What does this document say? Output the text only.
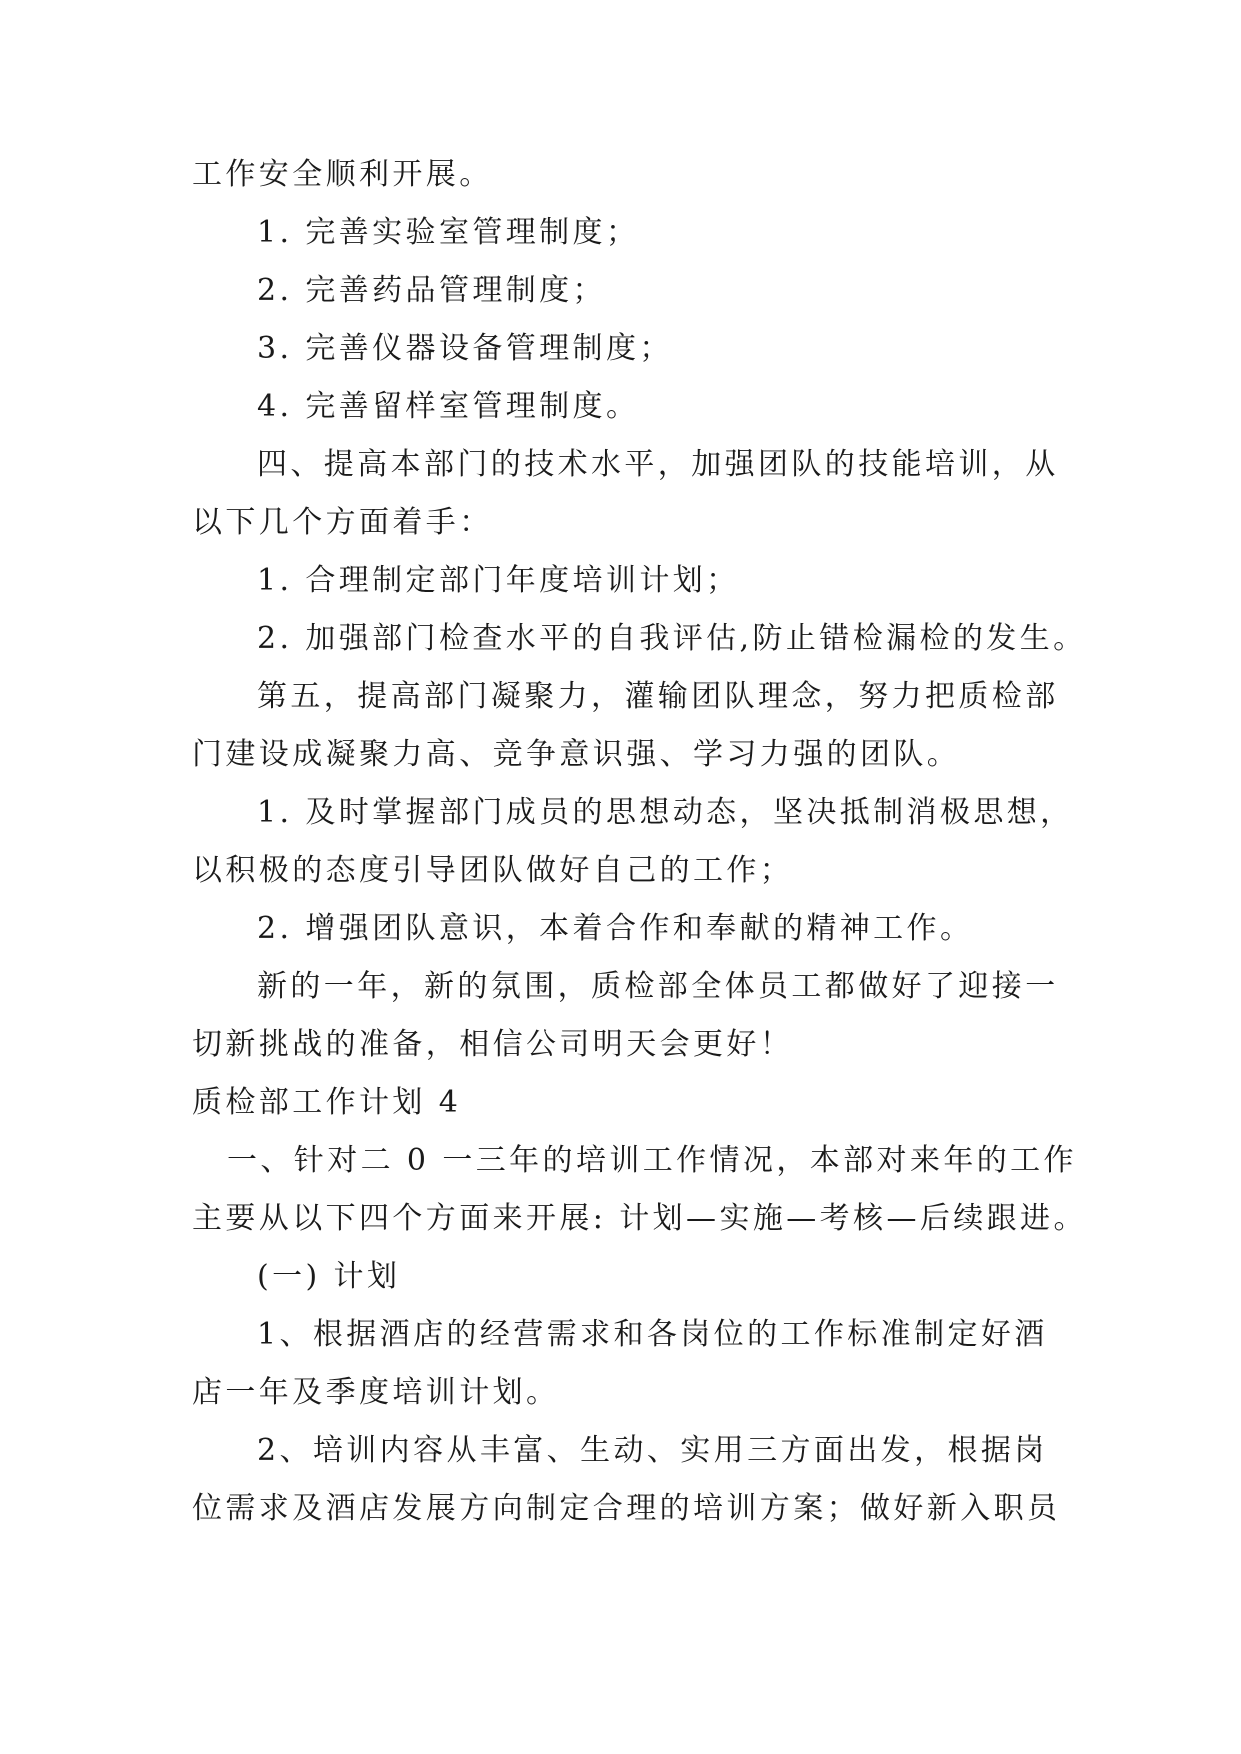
工作安全顺利开展。
1. 完善实验室管理制度；
2. 完善药品管理制度；
3. 完善仪器设备管理制度；
4. 完善留样室管理制度。
四、提高本部门的技术水平，加强团队的技能培训，从
以下几个方面着手：
1. 合理制定部门年度培训计划；
2. 加强部门检查水平的自我评估,防止错检漏检的发生。
第五，提高部门凝聚力，灌输团队理念，努力把质检部
门建设成凝聚力高、竞争意识强、学习力强的团队。
1. 及时掌握部门成员的思想动态，坚决抵制消极思想，
以积极的态度引导团队做好自己的工作；
2. 增强团队意识，本着合作和奉献的精神工作。
新的一年，新的氛围，质检部全体员工都做好了迎接一
切新挑战的准备，相信公司明天会更好！
质检部工作计划 4
一、针对二 0 一三年的培训工作情况，本部对来年的工作
主要从以下四个方面来开展: 计划—实施—考核—后续跟进。
(一) 计划
1、根据酒店的经营需求和各岗位的工作标准制定好酒
店一年及季度培训计划。
2、培训内容从丰富、生动、实用三方面出发，根据岗
位需求及酒店发展方向制定合理的培训方案；做好新入职员
